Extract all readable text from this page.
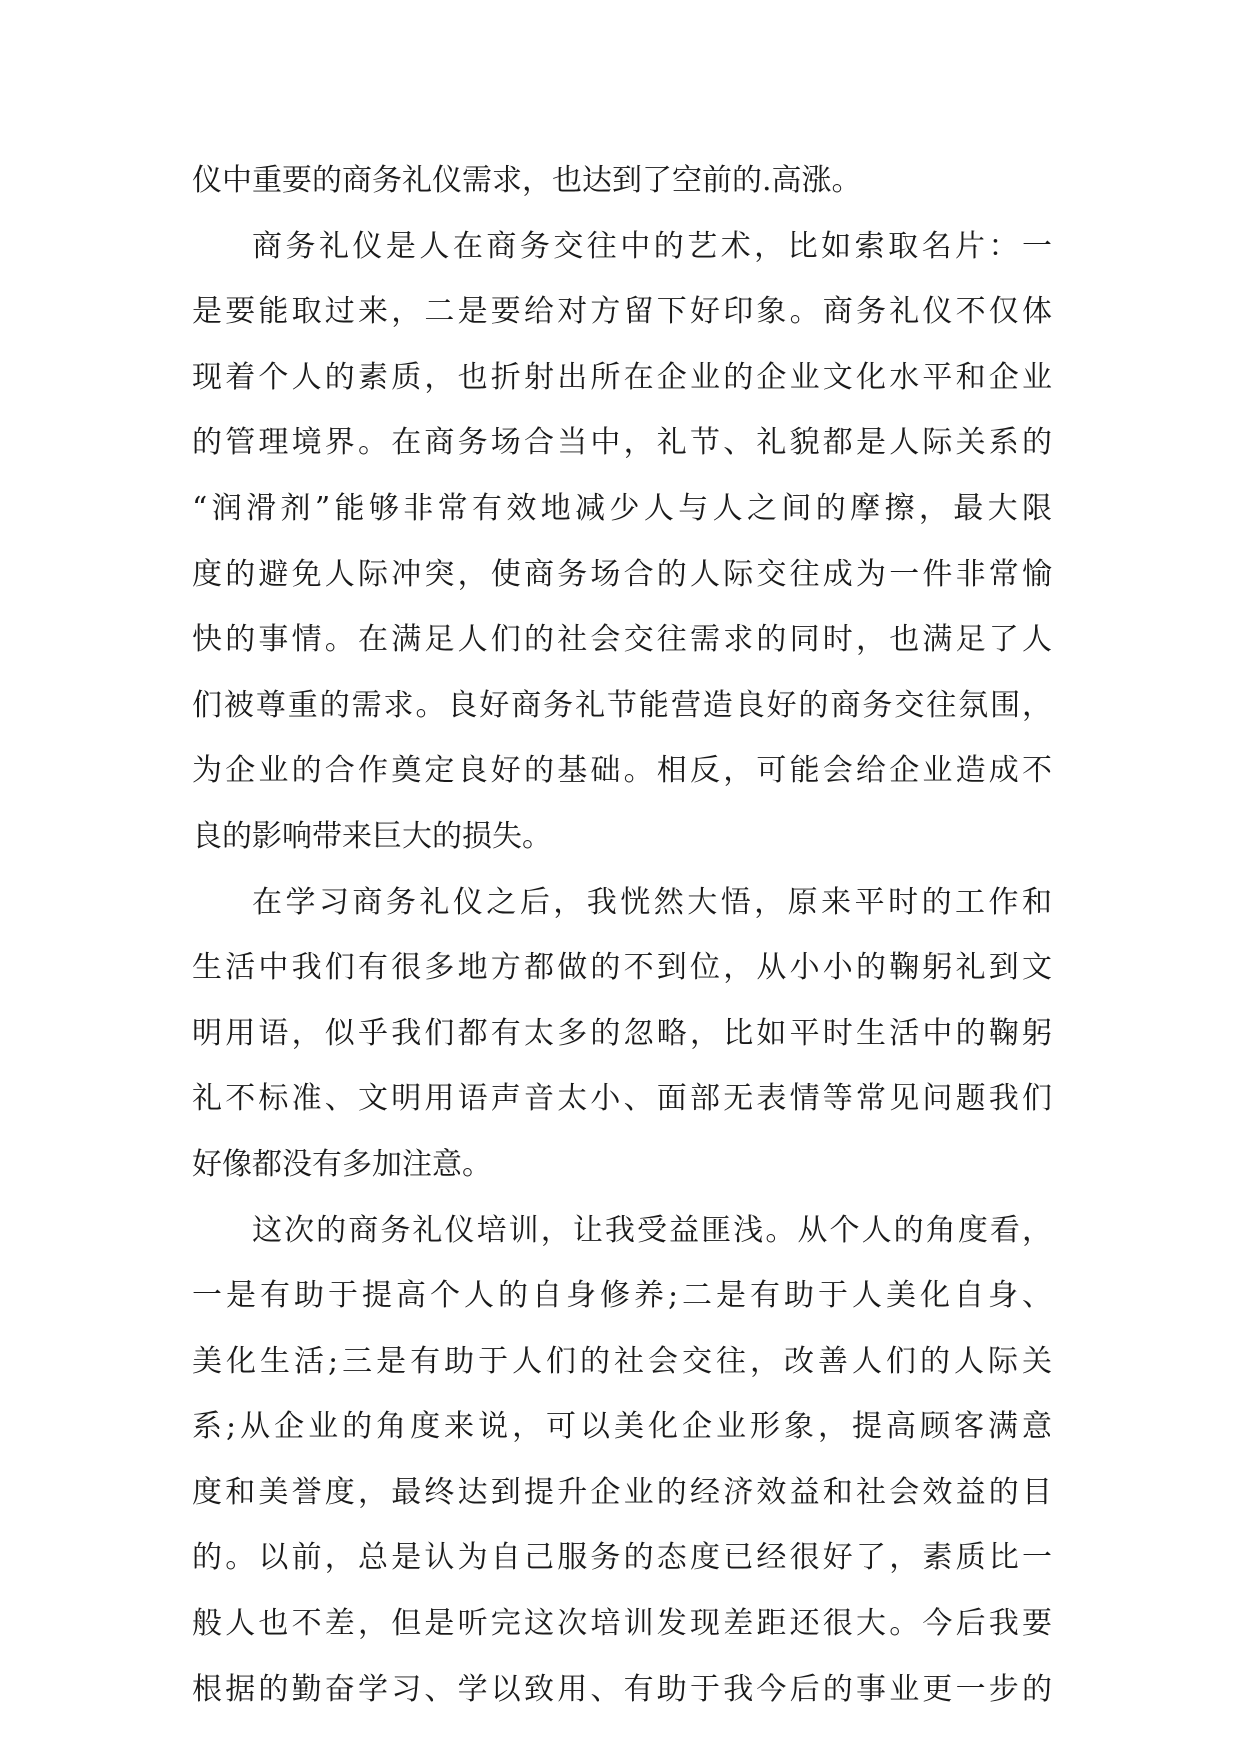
仪中重要的商务礼仪需求，也达到了空前的.高涨。
商务礼仪是人在商务交往中的艺术，比如索取名片：一
是要能取过来，二是要给对方留下好印象。商务礼仪不仅体
现着个人的素质，也折射出所在企业的企业文化水平和企业
的管理境界。在商务场合当中，礼节、礼貌都是人际关系的
“润滑剂”能够非常有效地减少人与人之间的摩擦，最大限
度的避免人际冲突，使商务场合的人际交往成为一件非常愉
快的事情。在满足人们的社会交往需求的同时，也满足了人
们被尊重的需求。良好商务礼节能营造良好的商务交往氛围，
为企业的合作奠定良好的基础。相反，可能会给企业造成不
良的影响带来巨大的损失。
在学习商务礼仪之后，我恍然大悟，原来平时的工作和
生活中我们有很多地方都做的不到位，从小小的鞠躬礼到文
明用语，似乎我们都有太多的忽略，比如平时生活中的鞠躬
礼不标准、文明用语声音太小、面部无表情等常见问题我们
好像都没有多加注意。
这次的商务礼仪培训，让我受益匪浅。从个人的角度看，
一是有助于提高个人的自身修养;二是有助于人美化自身、
美化生活;三是有助于人们的社会交往，改善人们的人际关
系;从企业的角度来说，可以美化企业形象，提高顾客满意
度和美誉度，最终达到提升企业的经济效益和社会效益的目
的。以前，总是认为自己服务的态度已经很好了，素质比一
般人也不差，但是听完这次培训发现差距还很大。今后我要
根据的勤奋学习、学以致用、有助于我今后的事业更一步的
